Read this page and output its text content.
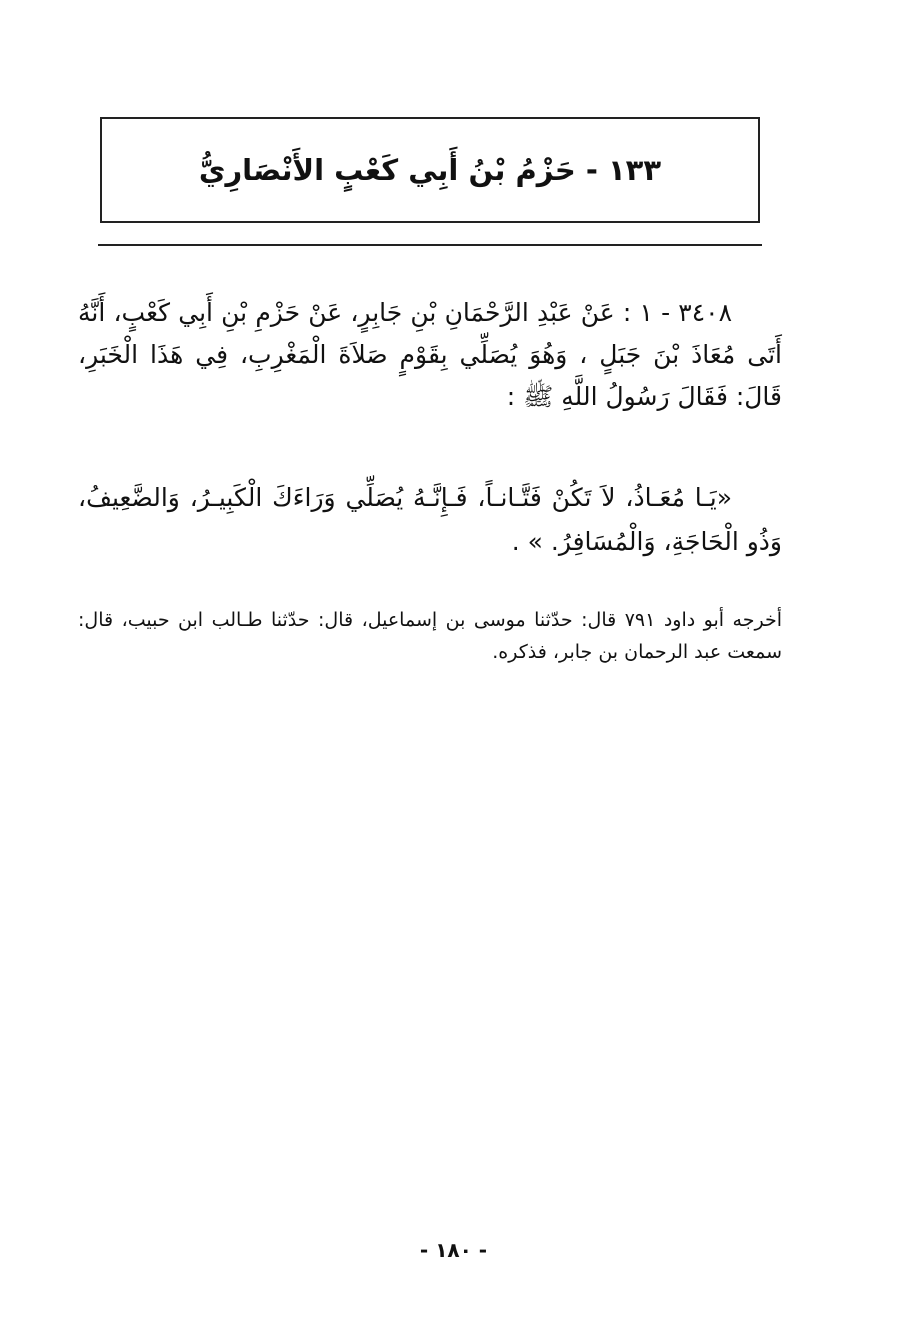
١٣٣ - حَزْمُ بْنُ أَبِي كَعْبٍ الأَنْصَارِيُّ

٣٤٠٨ - ١ : عَنْ عَبْدِ الرَّحْمَانِ بْنِ جَابِرٍ، عَنْ حَزْمِ بْنِ أَبِي كَعْبٍ، أَنَّهُ أَتَى مُعَاذَ بْنَ جَبَلٍ ، وَهُوَ يُصَلِّي بِقَوْمٍ صَلاَةَ الْمَغْرِبِ، فِي هَذَا الْخَبَرِ، قَالَ: فَقَالَ رَسُولُ اللَّهِ ﷺ :

«يَـا مُعَـاذُ، لاَ تَكُنْ فَتَّـانـاً، فَـإِنَّـهُ يُصَلِّي وَرَاءَكَ الْكَبِيـرُ، وَالضَّعِيفُ، وَذُو الْحَاجَةِ، وَالْمُسَافِرُ. » .

أخرجه أبو داود ٧٩١ قال: حدّثنا موسى بن إسماعيل، قال: حدّثنا طـالب ابن حبيب، قال: سمعت عبد الرحمان بن جابر، فذكره.

- ١٨٠ -
